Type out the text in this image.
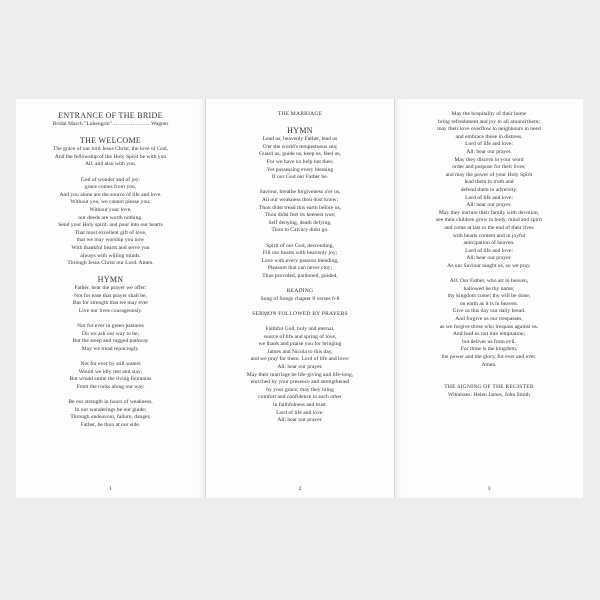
ENTRANCE OF THE BRIDE
Bridal March "Lohengrin"…………………Wagner
THE WELCOME
The grace of our lord Jesus Christ, the love of God,
And the fellowship of the Holy Spirit be with you
All: and also with you.
God of wonder and of joy:
grace comes from you,
And you alone are the source of life and love.
Without you, we cannot please you;
Without your love,
our deeds are worth nothing.
Send your Holy spirit, and pour into our hearts
That most excellent gift of love,
that we may worship you now
With thankful hearts and serve you
always with willing minds.
Through Jesus Christ our Lord. Amen.
HYMN
Father, hear the prayer we offer:
Not for ease that prayer shall be,
But for strength that we may ever
Live our lives courageously.
Not for ever in green pastures
Do we ask our way to be;
But the steep and rugged pathway
May we tread rejoicingly.
Not for ever by still waters
Would we idly rest and stay;
But would smite the living fountains
From the rocks along our way.
Be our strength in hours of weakness,
In our wanderings be our guide;
Through endeavour, failure, danger,
Father, be thou at our side.
1
THE MARRIAGE
HYMN
Lead us, heavenly Father, lead us
O'er the world's tempestuous sea;
Guard us, guide us, keep us, feed us,
For we have no help but thee;
Yet possessing every blessing
If our God our Father be.
Saviour, breathe forgiveness o'er us,
All our weakness thou dost know;
Thou didst tread this earth before us,
Thou didst feel its keenest woe;
Self denying, death defying,
Thou to Calvary didst go.
Spirit of our God, descending,
Fill our hearts with heavenly joy;
Love with every passion blending,
Pleasure that can never cloy;
Thus provided, pardoned, guided,
READING
Song of Songs chapter 8 verses 6-8
SERMON FOLLOWED BY PRAYERS
Faithful God, holy and eternal,
source of life and spring of love,
we thank and praise you for bringing
James and Nicola to this day,
and we pray for them. Lord of life and love:
All: hear our prayer.
May their marriage be life-giving and life-long,
enriched by your presence and strengthened
by your grace; may they bring
comfort and confidence to each other
in faithfulness and trust.
Lord of life and love:
All: hear our prayer.
2
May the hospitality of their home
bring refreshment and joy to all around them;
may their love overflow to neighbours in need
and embrace those in distress.
Lord of life and love:
All: hear our prayer.
May they discern in your word
order and purpose for their lives;
and may the power of your Holy Spirit
lead them in truth and
defend them in adversity.
Lord of life and love:
All: hear our prayer.
May they nurture their family with devotion,
see their children grow in body, mind and spirit
and come at last to the end of their lives
with hearts content and in joyful
anticipation of heaven.
Lord of life and love:
All: hear our prayer.
As our Saviour taught us, so we pray.
All: Our Father, who art in heaven,
hallowed be thy name;
thy kingdom come; thy will be done;
on earth as it is in heaven.
Give us this day our daily bread.
And forgive us our trespasses,
as we forgive those who trespass against us.
And lead us not into temptation;
but deliver us from evil.
For thine is the kingdom,
the power and the glory, for ever and ever.
Amen.
THE SIGNING OF THE REGISTER
Witnesses: Helen James, John Smith
3
